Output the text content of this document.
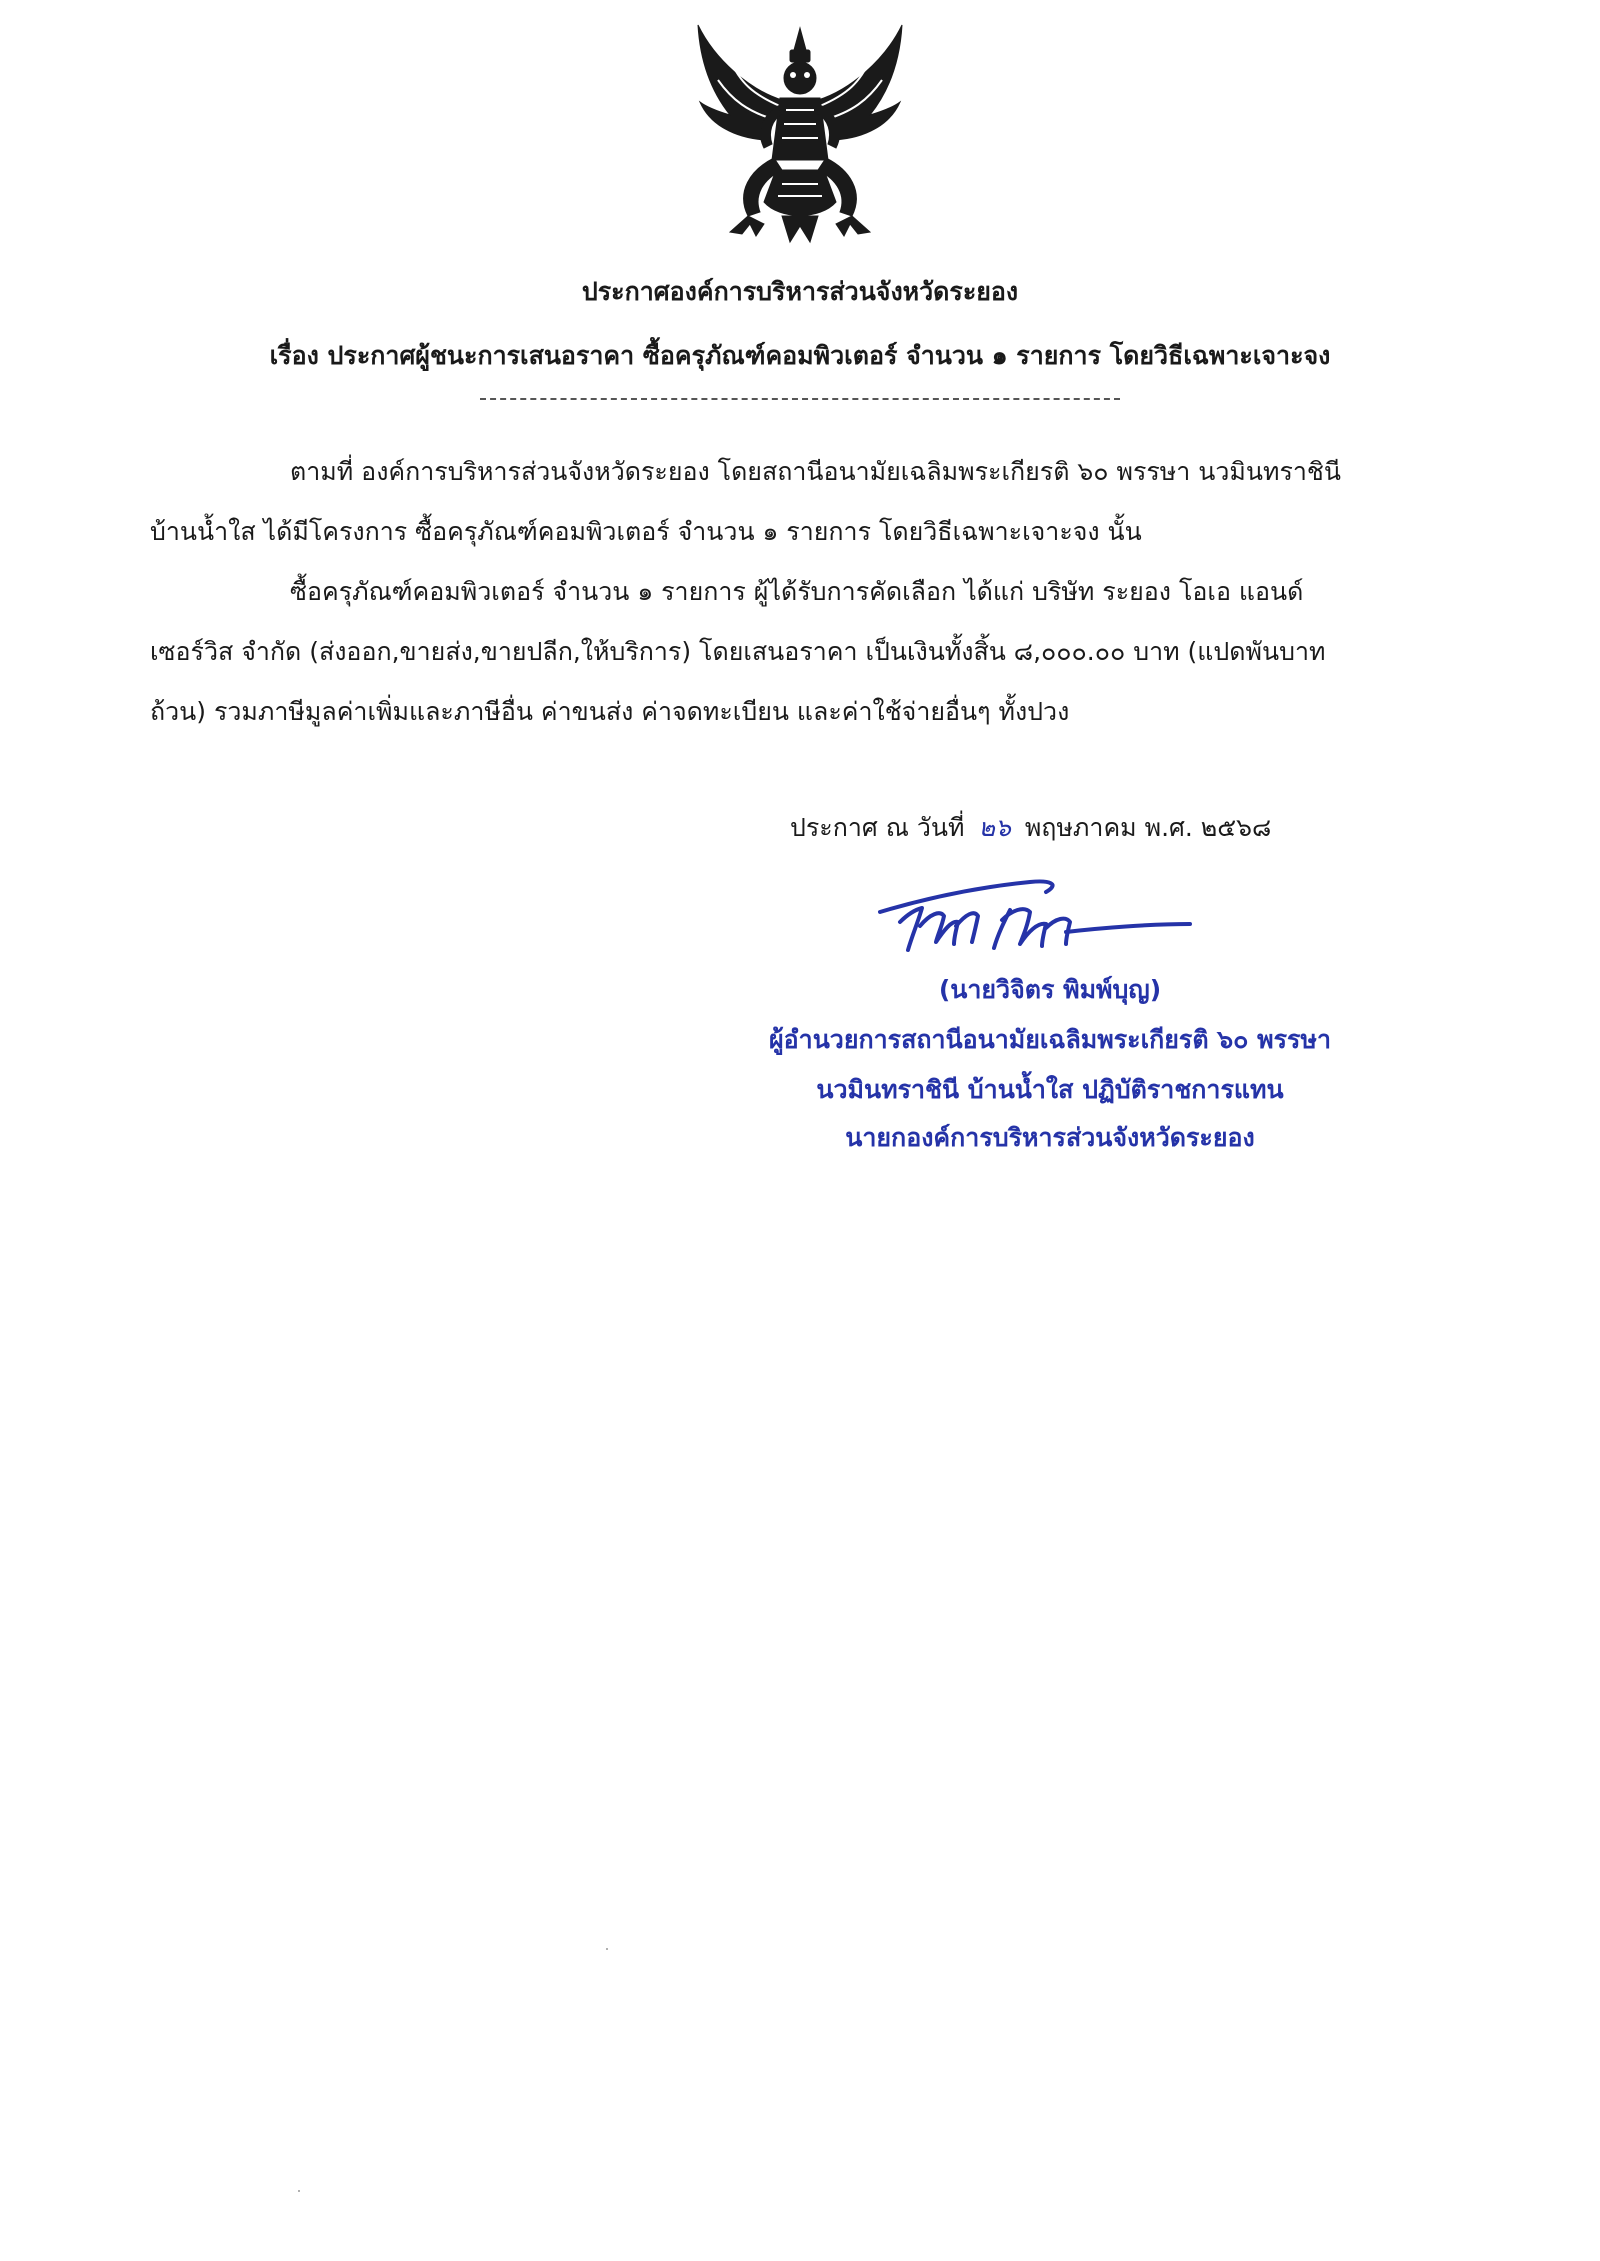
ประกาศองค์การบริหารส่วนจังหวัดระยอง
เรื่อง ประกาศผู้ชนะการเสนอราคา ซื้อครุภัณฑ์คอมพิวเตอร์ จำนวน ๑ รายการ โดยวิธีเฉพาะเจาะจง
ตามที่ องค์การบริหารส่วนจังหวัดระยอง โดยสถานีอนามัยเฉลิมพระเกียรติ ๖๐ พรรษา นวมินทราชินี
บ้านน้ำใส ได้มีโครงการ ซื้อครุภัณฑ์คอมพิวเตอร์ จำนวน ๑ รายการ โดยวิธีเฉพาะเจาะจง นั้น
ซื้อครุภัณฑ์คอมพิวเตอร์ จำนวน ๑ รายการ ผู้ได้รับการคัดเลือก ได้แก่ บริษัท ระยอง โอเอ แอนด์
เซอร์วิส จำกัด (ส่งออก,ขายส่ง,ขายปลีก,ให้บริการ) โดยเสนอราคา เป็นเงินทั้งสิ้น ๘,๐๐๐.๐๐ บาท (แปดพันบาท
ถ้วน) รวมภาษีมูลค่าเพิ่มและภาษีอื่น ค่าขนส่ง ค่าจดทะเบียน และค่าใช้จ่ายอื่นๆ ทั้งปวง
ประกาศ ณ วันที่ ๒๖ พฤษภาคม พ.ศ. ๒๕๖๘
(นายวิจิตร พิมพ์บุญ)
ผู้อำนวยการสถานีอนามัยเฉลิมพระเกียรติ ๖๐ พรรษา
นวมินทราชินี บ้านน้ำใส ปฏิบัติราชการแทน
นายกองค์การบริหารส่วนจังหวัดระยอง
